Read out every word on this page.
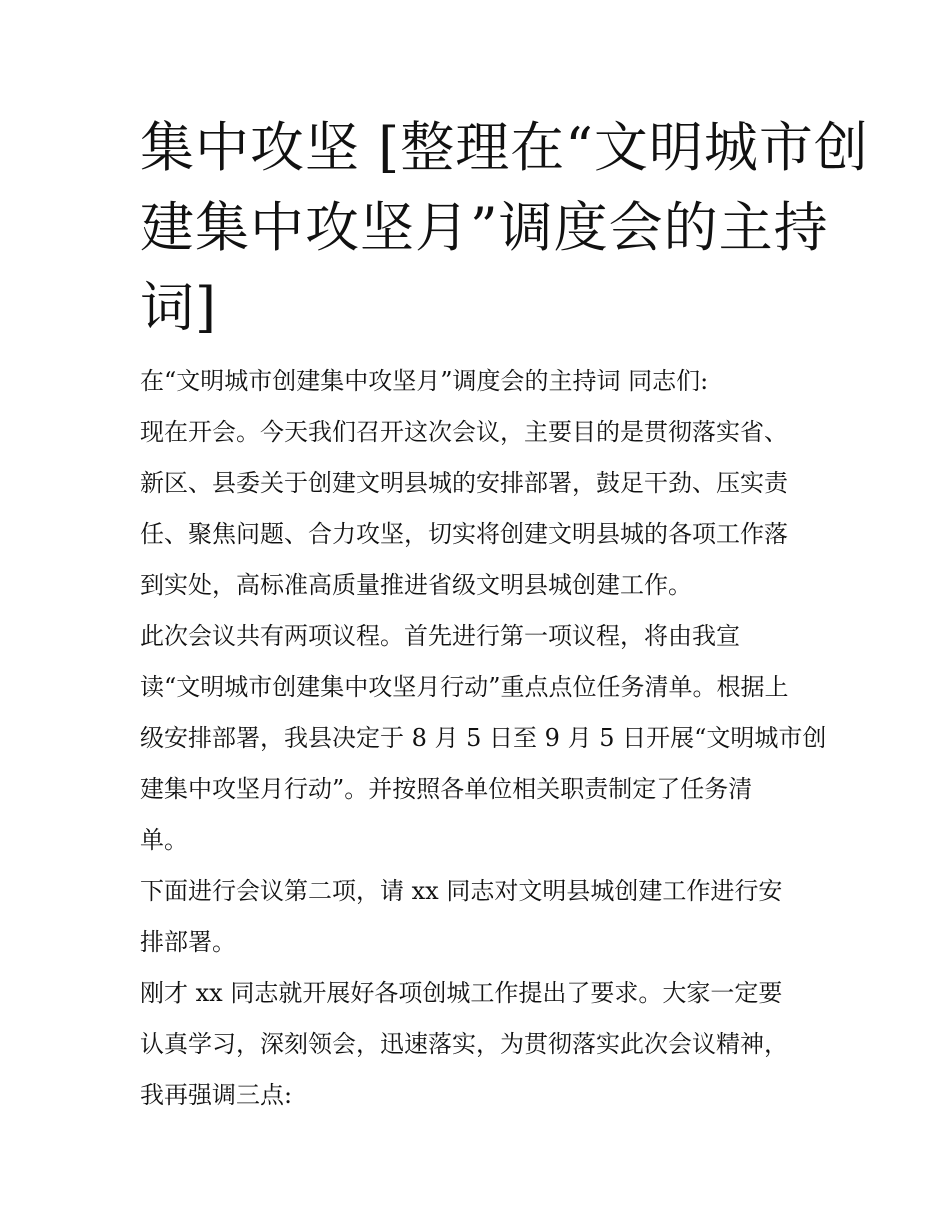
集中攻坚 [整理在“文明城市创
建集中攻坚月”调度会的主持
词]
在“文明城市创建集中攻坚月”调度会的主持词 同志们:
现在开会。今天我们召开这次会议，主要目的是贯彻落实省、
新区、县委关于创建文明县城的安排部署，鼓足干劲、压实责
任、聚焦问题、合力攻坚，切实将创建文明县城的各项工作落
到实处，高标准高质量推进省级文明县城创建工作。
此次会议共有两项议程。首先进行第一项议程，将由我宣
读“文明城市创建集中攻坚月行动”重点点位任务清单。根据上
级安排部署，我县决定于 8 月 5 日至 9 月 5 日开展“文明城市创
建集中攻坚月行动”。并按照各单位相关职责制定了任务清
单。
下面进行会议第二项，请 xx 同志对文明县城创建工作进行安
排部署。
刚才 xx 同志就开展好各项创城工作提出了要求。大家一定要
认真学习，深刻领会，迅速落实，为贯彻落实此次会议精神，
我再强调三点:
